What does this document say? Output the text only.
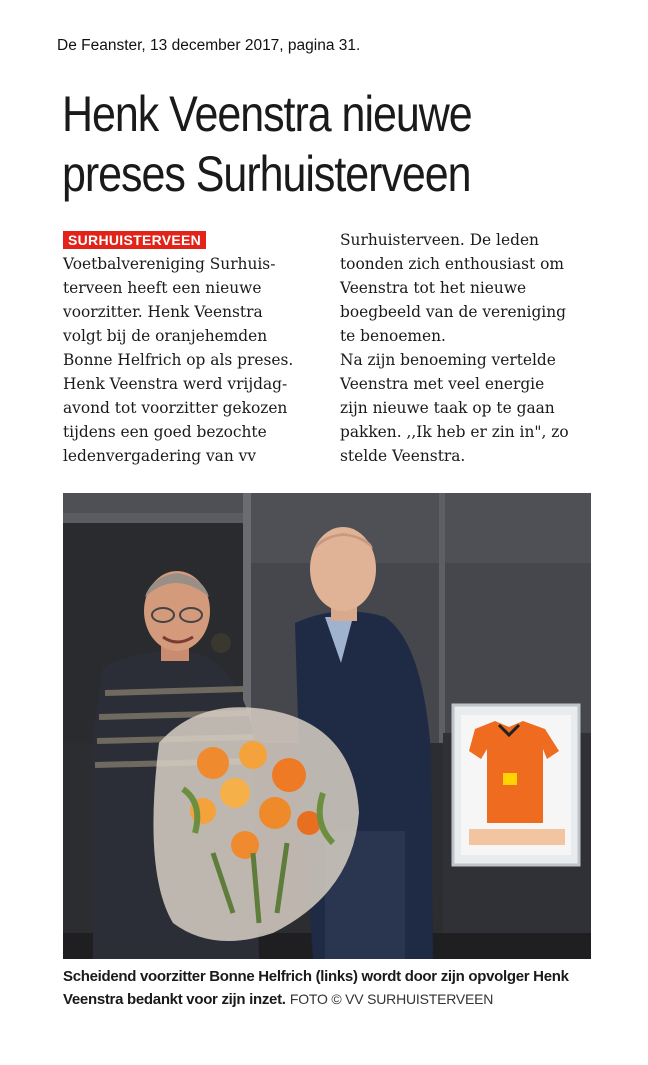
De Feanster, 13 december 2017, pagina 31.
Henk Veenstra nieuwe preses Surhuisterveen
SURHUISTERVEEN
Voetbalvereniging Surhuis-
terveen heeft een nieuwe
voorzitter. Henk Veenstra
volgt bij de oranjehemden
Bonne Helfrich op als preses.
Henk Veenstra werd vrijdag-
avond tot voorzitter gekozen
tijdens een goed bezochte
ledenvergadering van vv
Surhuisterveen. De leden
toonden zich enthousiast om
Veenstra tot het nieuwe
boegbeeld van de vereniging
te benoemen.
Na zijn benoeming vertelde
Veenstra met veel energie
zijn nieuwe taak op te gaan
pakken. ,,Ik heb er zin in", zo
stelde Veenstra.
Scheidend voorzitter Bonne Helfrich (links) wordt door zijn opvolger Henk Veenstra bedankt voor zijn inzet. FOTO © VV SURHUISTERVEEN
